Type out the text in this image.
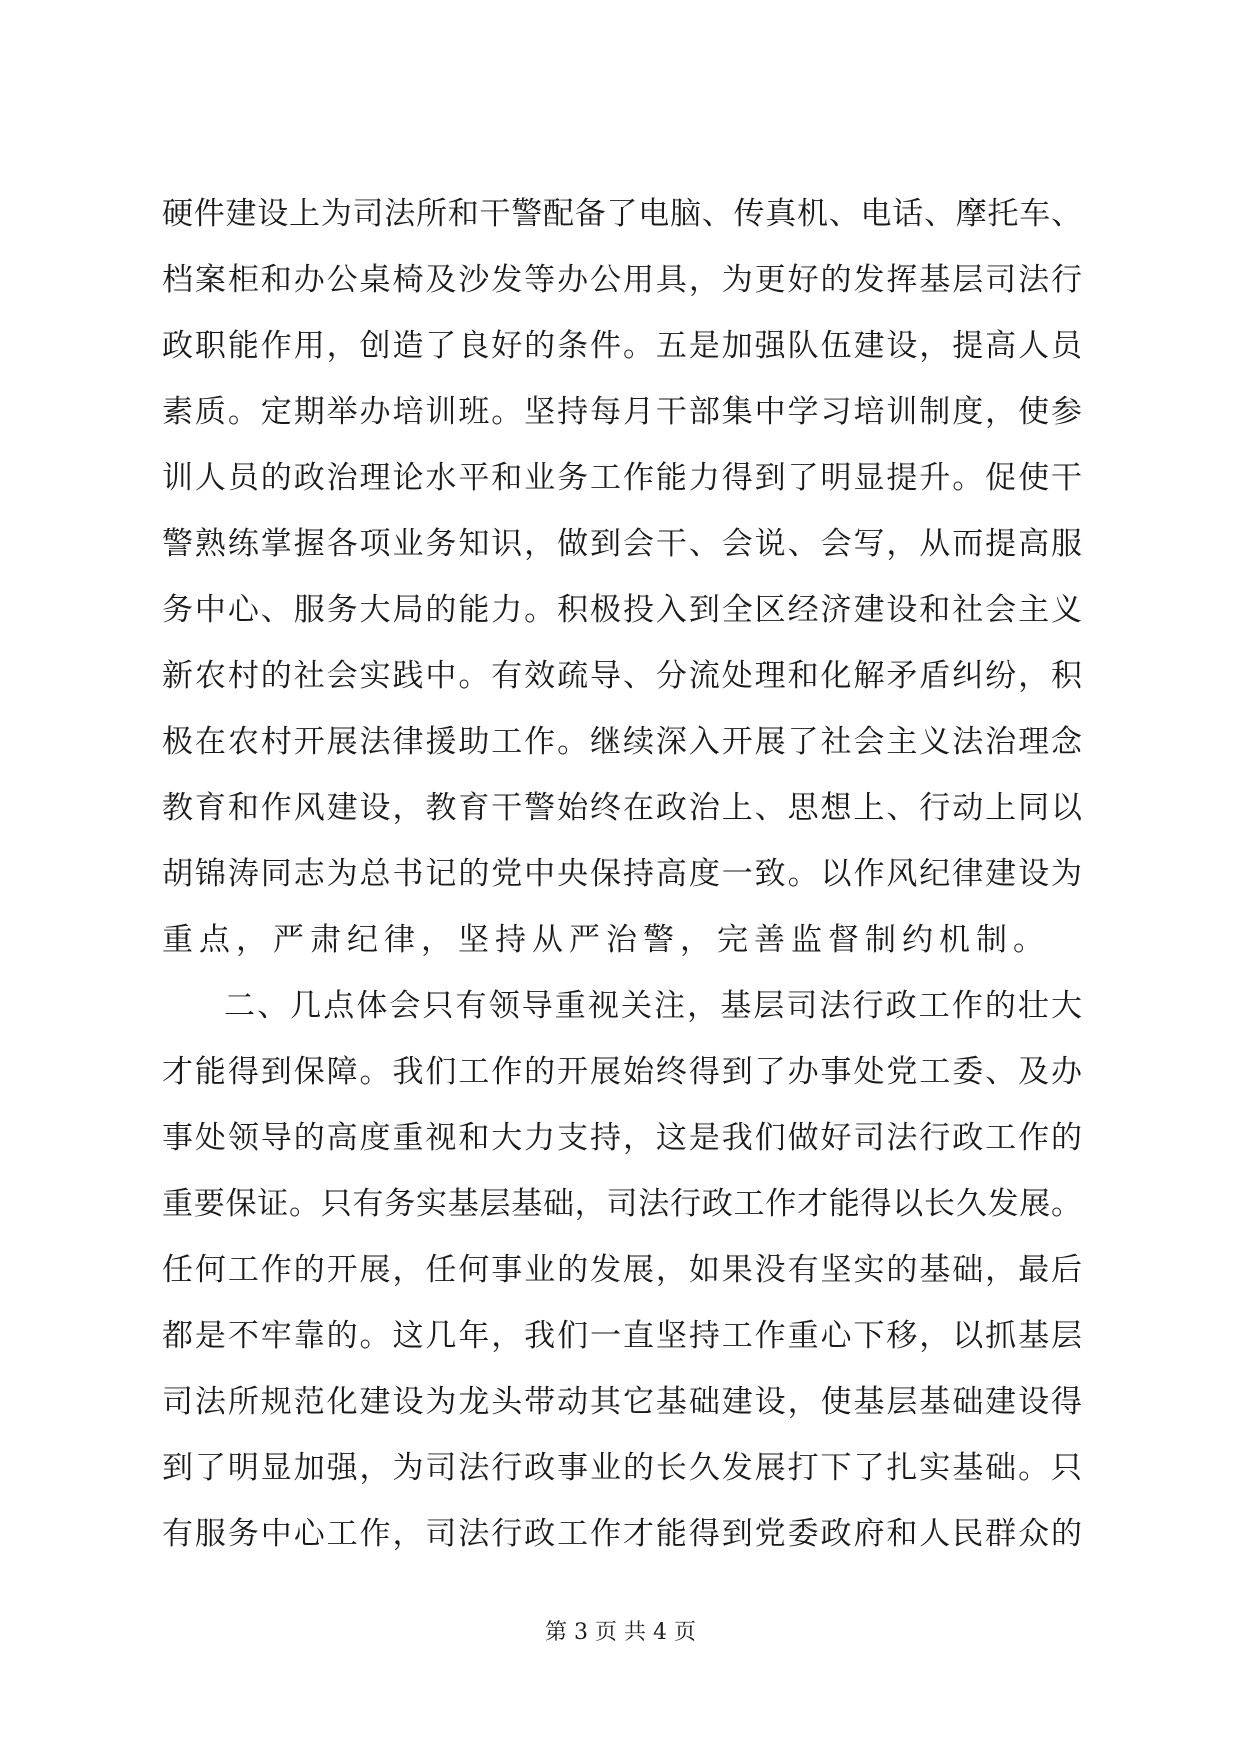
硬件建设上为司法所和干警配备了电脑、传真机、电话、摩托车、
档案柜和办公桌椅及沙发等办公用具，为更好的发挥基层司法行
政职能作用，创造了良好的条件。五是加强队伍建设，提高人员
素质。定期举办培训班。坚持每月干部集中学习培训制度，使参
训人员的政治理论水平和业务工作能力得到了明显提升。促使干
警熟练掌握各项业务知识，做到会干、会说、会写，从而提高服
务中心、服务大局的能力。积极投入到全区经济建设和社会主义
新农村的社会实践中。有效疏导、分流处理和化解矛盾纠纷，积
极在农村开展法律援助工作。继续深入开展了社会主义法治理念
教育和作风建设，教育干警始终在政治上、思想上、行动上同以
胡锦涛同志为总书记的党中央保持高度一致。以作风纪律建设为
重点，严肃纪律，坚持从严治警，完善监督制约机制。
二、几点体会只有领导重视关注，基层司法行政工作的壮大
才能得到保障。我们工作的开展始终得到了办事处党工委、及办
事处领导的高度重视和大力支持，这是我们做好司法行政工作的
重要保证。只有务实基层基础，司法行政工作才能得以长久发展。
任何工作的开展，任何事业的发展，如果没有坚实的基础，最后
都是不牢靠的。这几年，我们一直坚持工作重心下移，以抓基层
司法所规范化建设为龙头带动其它基础建设，使基层基础建设得
到了明显加强，为司法行政事业的长久发展打下了扎实基础。只
有服务中心工作，司法行政工作才能得到党委政府和人民群众的
第 3 页 共 4 页
